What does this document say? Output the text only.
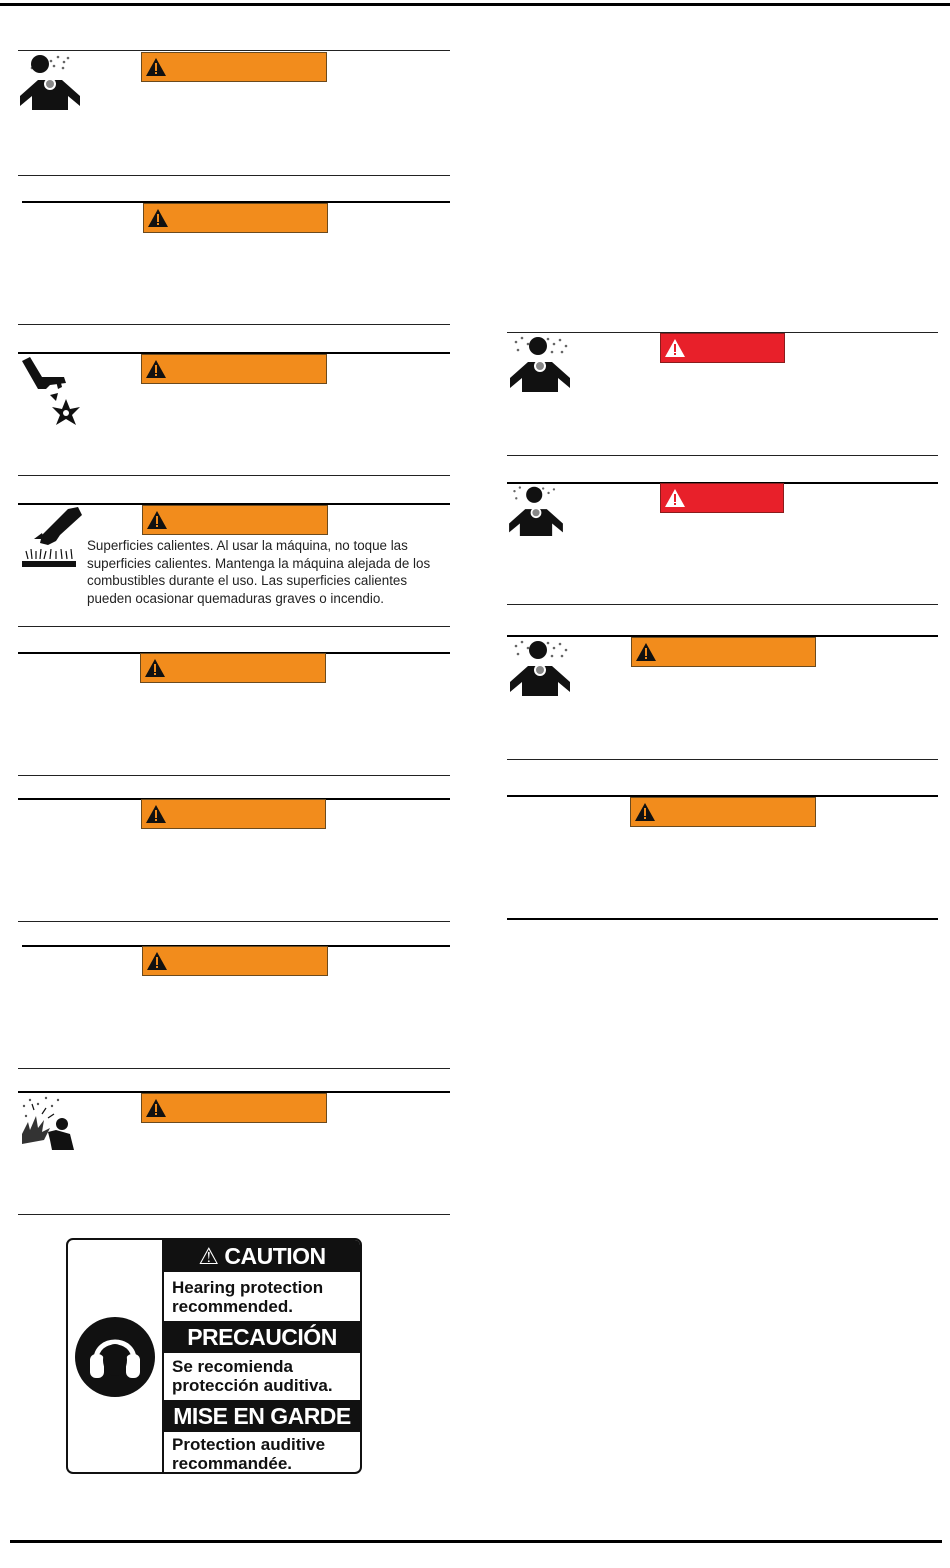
Superficies calientes. Al usar la máquina, no toque las superficies calientes. Mantenga la máquina alejada de los combustibles durante el uso. Las superficies calientes pueden ocasionar quemaduras graves o incendio.
⚠ CAUTION
Hearing protection
recommended.
PRECAUCIÓN
Se recomienda
protección auditiva.
MISE EN GARDE
Protection auditive
recommandée.
